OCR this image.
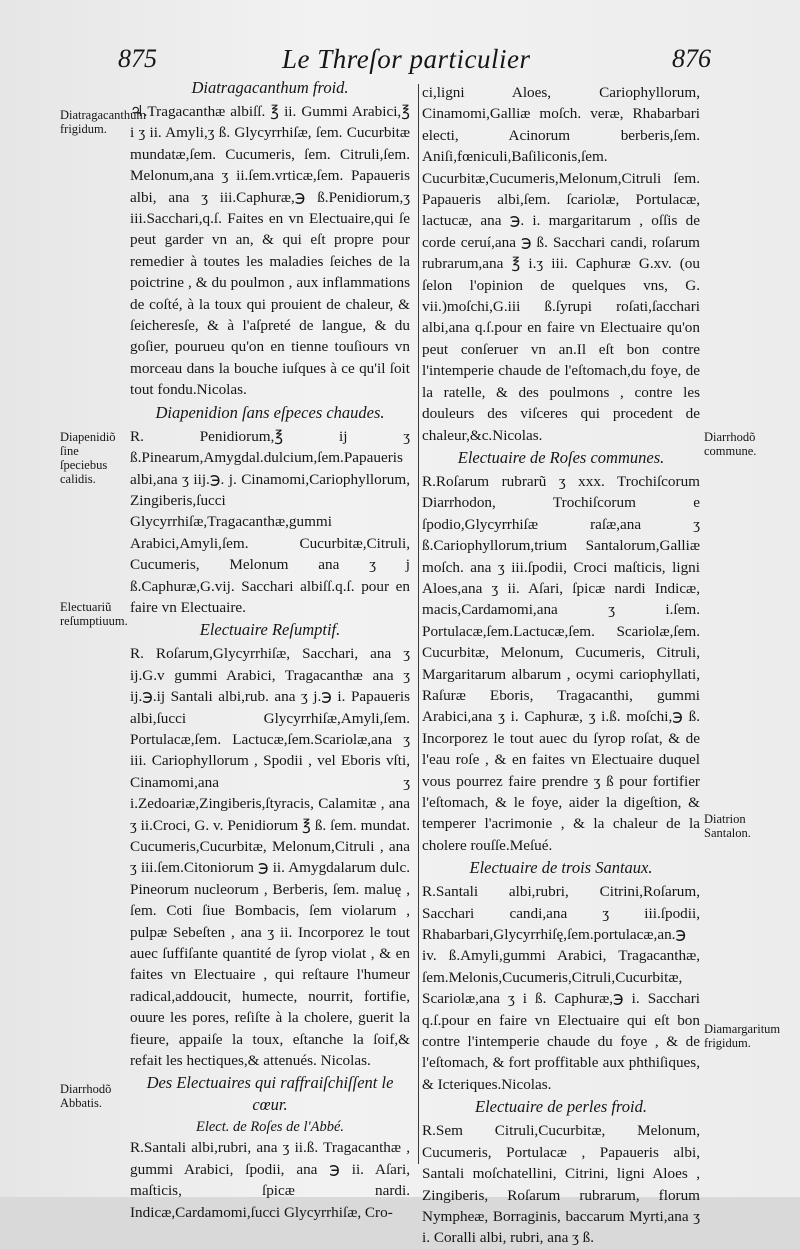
875	Le Threſor particulier	876
Diatragacanthum frigidum.
Diapenidiõ ſine ſpeciebus calidis.
Electuariũ reſumptiuum.
Diarrhodõ Abbatis.
Diarrhodõ commune.
Diatrion Santalon.
Diamargaritum frigidum.
Diatragacanthum froid.

♃.Tragacanthæ albiſſ. ℥ ii. Gummi Arabici,℥ i ʒ ii. Amyli,ʒ ß. Glycyrrhiſæ, ſem. Cucurbitæ mundatæ,ſem. Cucumeris, ſem. Citruli,ſem. Melonum,ana ʒ ii.ſem.vrticæ,ſem. Papaueris albi, ana ʒ iii.Caphuræ,℈ ß.Penidiorum,ʒ iii.Sacchari,q.ſ. Faites en vn Electuaire,qui ſe peut garder vn an, & qui eſt propre pour remedier à toutes les maladies ſeiches de la poictrine , & du poulmon , aux inflammations de coſté, à la toux qui prouient de chaleur, & ſeicheresſe, & à l'aſpreté de langue, & du goſier, pourueu qu'on en tienne touſiours vn morceau dans la bouche iuſques à ce qu'il ſoit tout fondu.Nicolas.

Diapenidion ſans eſpeces chaudes.

R. Penidiorum,℥ ij ʒ ß.Pinearum,Amygdal.dulcium,ſem.Papaueris albi,ana ʒ iij.℈. j. Cinamomi,Cariophyllorum, Zingiberis,ſucci Glycyrrhiſæ,Tragacanthæ,gummi Arabici,Amyli,ſem. Cucurbitæ,Citruli, Cucumeris, Melonum ana ʒ j ß.Caphuræ,G.vij. Sacchari albiſſ.q.ſ. pour en faire vn Electuaire.

Electuaire Reſumptif.

R. Roſarum,Glycyrrhiſæ, Sacchari, ana ʒ ij.G.v gummi Arabici, Tragacanthæ ana ʒ ij.℈.ij Santali albi,rub. ana ʒ j.℈ i. Papaueris albi,ſucci Glycyrrhiſæ,Amyli,ſem. Portulacæ,ſem. Lactucæ,ſem.Scariolæ,ana ʒ iii. Cariophyllorum , Spodii , vel Eboris vſti, Cinamomi,ana ʒ i.Zedoariæ,Zingiberis,ſtyracis, Calamitæ , ana ʒ ii.Croci, G. v. Penidiorum ℥ ß. ſem. mundat. Cucumeris,Cucurbitæ, Melonum,Citruli , ana ʒ iii.ſem.Citoniorum ℈ ii. Amygdalarum dulc. Pineorum nucleorum , Berberis, ſem. maluę , ſem. Coti ſiue Bombacis, ſem violarum , pulpæ Sebeſten , ana ʒ ii. Incorporez le tout auec ſuffiſante quantité de ſyrop violat , & en faites vn Electuaire , qui reſtaure l'humeur radical,addoucit, humecte, nourrit, fortifie, ouure les pores, reſiſte à la cholere, guerit la fieure, appaiſe la toux, eſtanche la ſoif,& refait les hectiques,& attenués. Nicolas.

Des Electuaires qui raffraiſchiſſent le cœur.
Elect. de Roſes de l'Abbé.

R.Santali albi,rubri, ana ʒ ii.ß. Tragacanthæ , gummi Arabici, ſpodii, ana ℈ ii. Aſari, maſticis, ſpicæ nardi. Indicæ,Cardamomi,ſucci Glycyrrhiſæ, Cro-

ci,ligni Aloes, Cariophyllorum, Cinamomi,Galliæ moſch. veræ, Rhabarbari electi, Acinorum berberis,ſem. Aniſi,fœniculi,Baſiliconis,ſem. Cucurbitæ,Cucumeris,Melonum,Citruli ſem. Papaueris albi,ſem. ſcariolæ, Portulacæ, lactucæ, ana ℈. i. margaritarum , oſſis de corde ceruí,ana ℈ ß. Sacchari candi, roſarum rubrarum,ana ℥ i.ʒ iii. Caphuræ G.xv. (ou ſelon l'opinion de quelques vns, G. vii.)moſchi,G.iii ß.ſyrupi roſati,ſacchari albi,ana q.ſ.pour en faire vn Electuaire qu'on peut conſeruer vn an.Il eſt bon contre l'intemperie chaude de l'eſtomach,du foye, de la ratelle, & des poulmons , contre les douleurs des viſceres qui procedent de chaleur,&c.Nicolas.

Electuaire de Roſes communes.

R.Roſarum rubrarũ ʒ xxx. Trochiſcorum Diarrhodon, Trochiſcorum e ſpodio,Glycyrrhiſæ raſæ,ana ʒ ß.Cariophyllorum,trium Santalorum,Galliæ moſch. ana ʒ iii.ſpodii, Croci maſticis, ligni Aloes,ana ʒ ii. Aſari, ſpicæ nardi Indicæ, macis,Cardamomi,ana ʒ i.ſem. Portulacæ,ſem.Lactucæ,ſem. Scariolæ,ſem. Cucurbitæ, Melonum, Cucumeris, Citruli, Margaritarum albarum , ocymi cariophyllati, Raſuræ Eboris, Tragacanthi, gummi Arabici,ana ʒ i. Caphuræ, ʒ i.ß. moſchi,℈ ß. Incorporez le tout auec du ſyrop roſat, & de l'eau roſe , & en faites vn Electuaire duquel vous pourrez faire prendre ʒ ß pour fortifier l'eſtomach, & le foye, aider la digeſtion, & temperer l'acrimonie , & la chaleur de la cholere rouſſe.Meſué.

Electuaire de trois Santaux.

R.Santali albi,rubri, Citrini,Roſarum, Sacchari candi,ana ʒ iii.ſpodii, Rhabarbari,Glycyrrhiſę,ſem.portulacæ,an.℈ iv. ß.Amyli,gummi Arabici, Tragacanthæ, ſem.Melonis,Cucumeris,Citruli,Cucurbitæ, Scariolæ,ana ʒ i ß. Caphuræ,℈ i. Sacchari q.ſ.pour en faire vn Electuaire qui eſt bon contre l'intemperie chaude du foye , & de l'eſtomach, & fort proffitable aux phthiſiques, & Icteriques.Nicolas.

Electuaire de perles froid.

R.Sem Citruli,Cucurbitæ, Melonum, Cucumeris, Portulacæ , Papaueris albi, Santali moſchatellini, Citrini, ligni Aloes , Zingiberis, Roſarum rubrarum, florum Nympheæ, Borraginis, baccarum Myrti,ana ʒ i. Coralli albi, rubri, ana ʒ ß.
